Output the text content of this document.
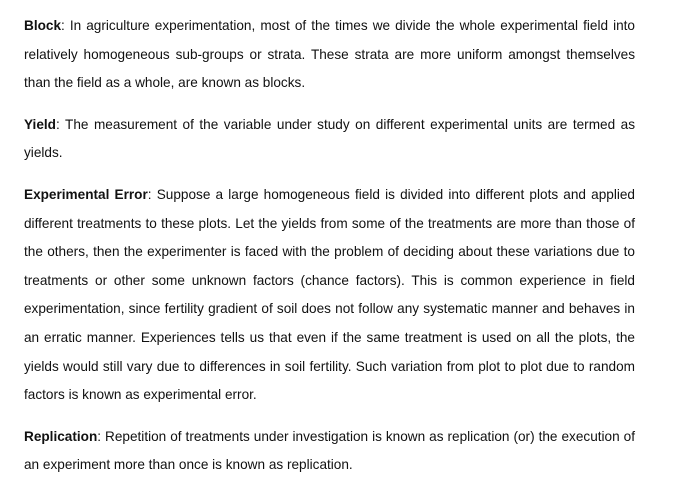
Block: In agriculture experimentation, most of the times we divide the whole experimental field into relatively homogeneous sub-groups or strata. These strata are more uniform amongst themselves than the field as a whole, are known as blocks.

Yield: The measurement of the variable under study on different experimental units are termed as yields.

Experimental Error: Suppose a large homogeneous field is divided into different plots and applied different treatments to these plots. Let the yields from some of the treatments are more than those of the others, then the experimenter is faced with the problem of deciding about these variations due to treatments or other some unknown factors (chance factors). This is common experience in field experimentation, since fertility gradient of soil does not follow any systematic manner and behaves in an erratic manner. Experiences tells us that even if the same treatment is used on all the plots, the yields would still vary due to differences in soil fertility. Such variation from plot to plot due to random factors is known as experimental error.

Replication: Repetition of treatments under investigation is known as replication (or) the execution of an experiment more than once is known as replication.
